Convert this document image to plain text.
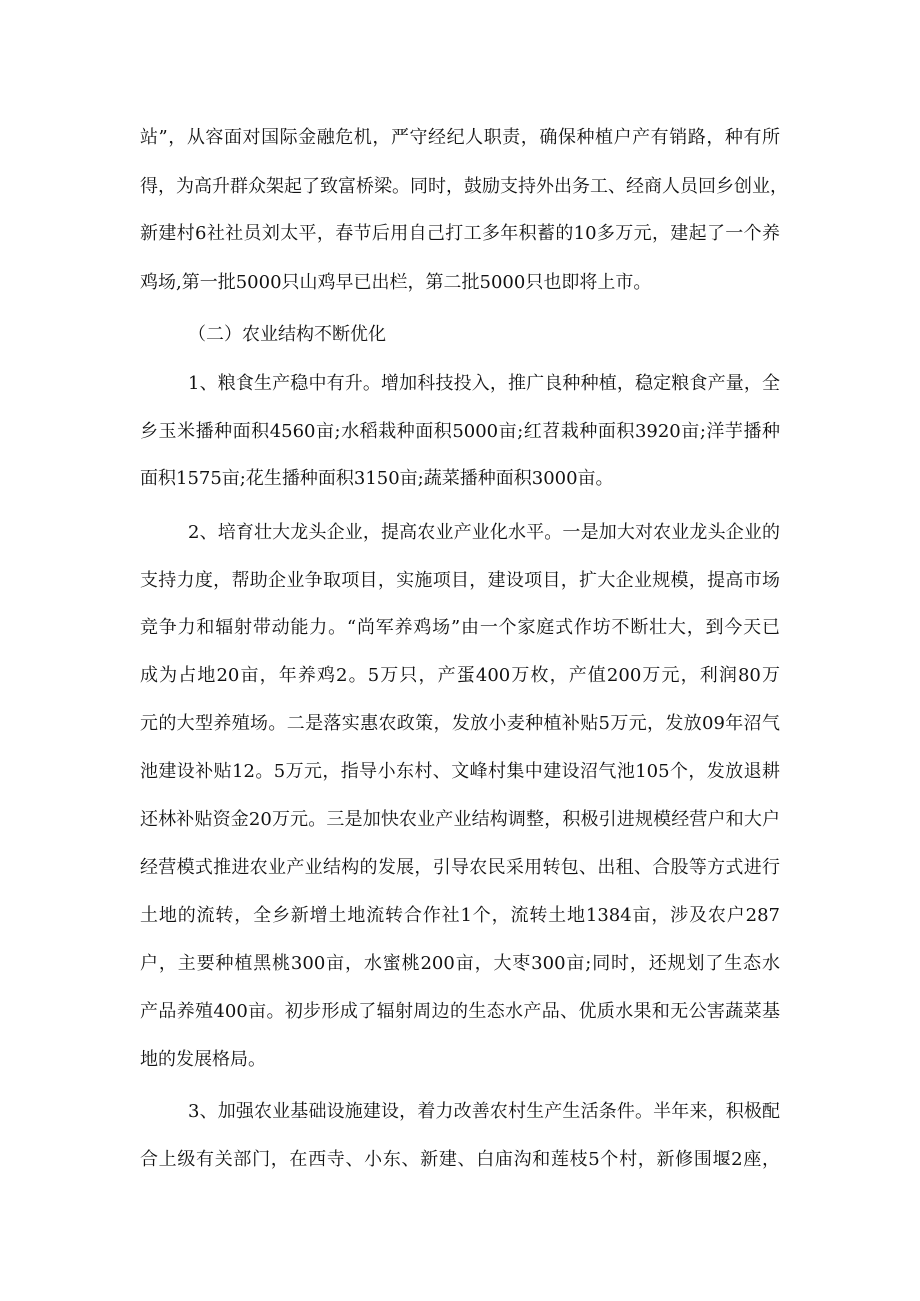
站”，从容面对国际金融危机，严守经纪人职责，确保种植户产有销路，种有所
得，为高升群众架起了致富桥梁。同时，鼓励支持外出务工、经商人员回乡创业，
新建村6社社员刘太平，春节后用自己打工多年积蓄的10多万元，建起了一个养
鸡场,第一批5000只山鸡早已出栏，第二批5000只也即将上市。
（二）农业结构不断优化
1、粮食生产稳中有升。增加科技投入，推广良种种植，稳定粮食产量，全
乡玉米播种面积4560亩;水稻栽种面积5000亩;红苕栽种面积3920亩;洋芋播种
面积1575亩;花生播种面积3150亩;蔬菜播种面积3000亩。
2、培育壮大龙头企业，提高农业产业化水平。一是加大对农业龙头企业的
支持力度，帮助企业争取项目，实施项目，建设项目，扩大企业规模，提高市场
竞争力和辐射带动能力。“尚军养鸡场”由一个家庭式作坊不断壮大，到今天已
成为占地20亩，年养鸡2。5万只，产蛋400万枚，产值200万元，利润80万
元的大型养殖场。二是落实惠农政策，发放小麦种植补贴5万元，发放09年沼气
池建设补贴12。5万元，指导小东村、文峰村集中建设沼气池105个，发放退耕
还林补贴资金20万元。三是加快农业产业结构调整，积极引进规模经营户和大户
经营模式推进农业产业结构的发展，引导农民采用转包、出租、合股等方式进行
土地的流转，全乡新增土地流转合作社1个，流转土地1384亩，涉及农户287
户，主要种植黑桃300亩，水蜜桃200亩，大枣300亩;同时，还规划了生态水
产品养殖400亩。初步形成了辐射周边的生态水产品、优质水果和无公害蔬菜基
地的发展格局。
3、加强农业基础设施建设，着力改善农村生产生活条件。半年来，积极配
合上级有关部门，在西寺、小东、新建、白庙沟和莲枝5个村，新修围堰2座，
